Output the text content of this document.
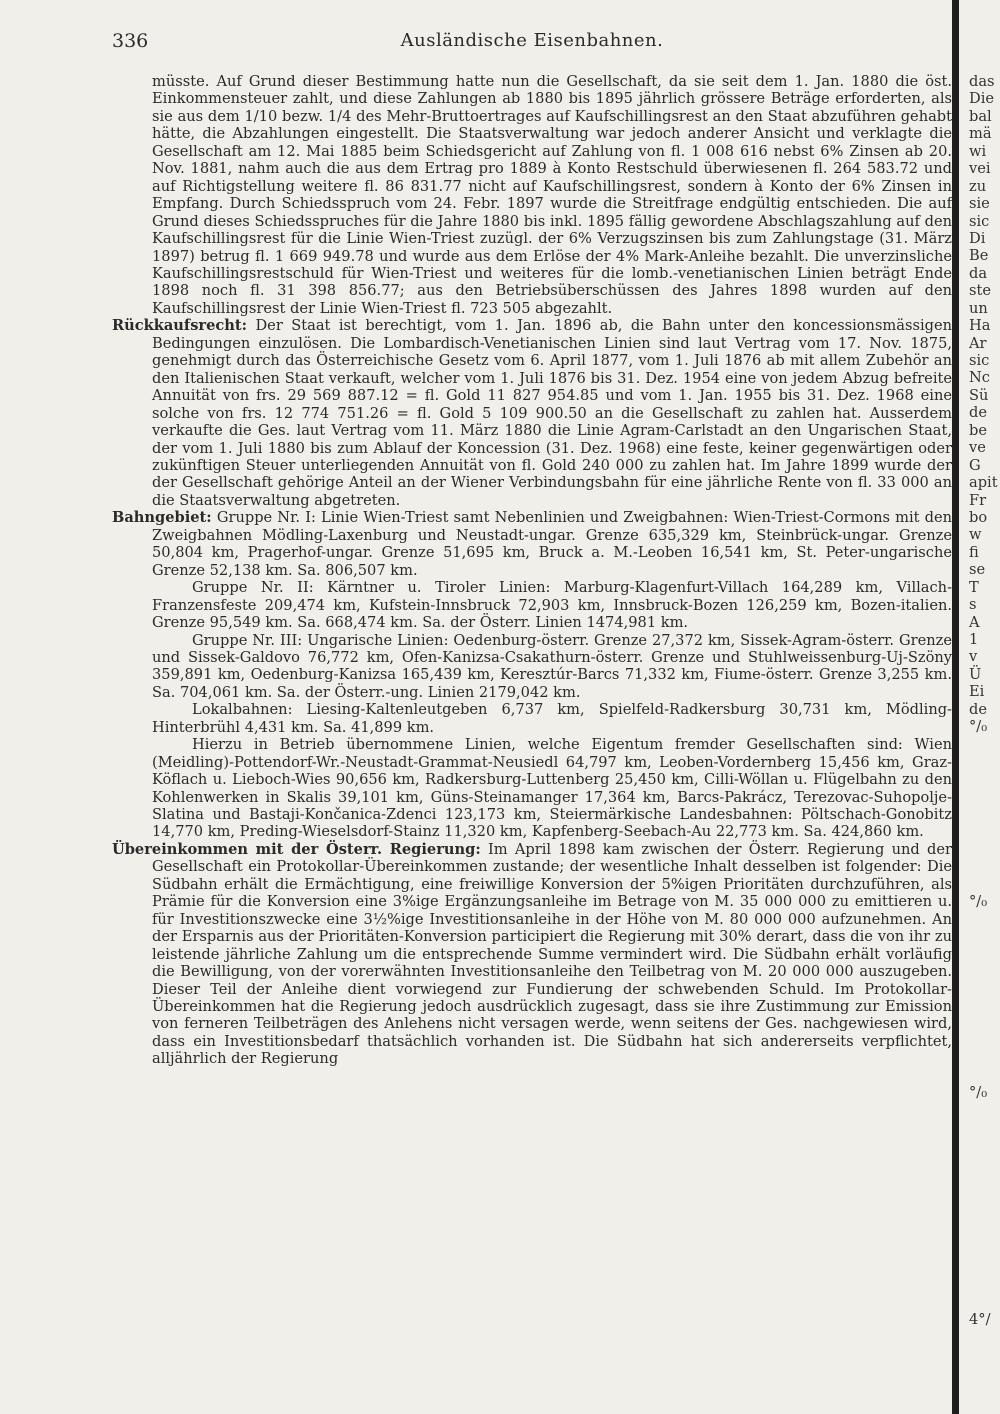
336	Ausländische Eisenbahnen.

müsste. Auf Grund dieser Bestimmung hatte nun die Gesellschaft, da sie seit dem 1. Jan. 1880 die öst. Einkommensteuer zahlt, und diese Zahlungen ab 1880 bis 1895 jährlich grössere Beträge erforderten, als sie aus dem 1/10 bezw. 1/4 des Mehr-Bruttoertrages auf Kaufschillingsrest an den Staat abzuführen gehabt hätte, die Abzahlungen eingestellt. Die Staatsverwaltung war jedoch anderer Ansicht und verklagte die Gesellschaft am 12. Mai 1885 beim Schiedsgericht auf Zahlung von fl. 1 008 616 nebst 6% Zinsen ab 20. Nov. 1881, nahm auch die aus dem Ertrag pro 1889 à Konto Restschuld überwiesenen fl. 264 583.72 und auf Richtigstellung weitere fl. 86 831.77 nicht auf Kaufschillingsrest, sondern à Konto der 6% Zinsen in Empfang. Durch Schiedsspruch vom 24. Febr. 1897 wurde die Streitfrage endgültig entschieden. Die auf Grund dieses Schiedsspruches für die Jahre 1880 bis inkl. 1895 fällig gewordene Abschlagszahlung auf den Kaufschillingsrest für die Linie Wien-Triest zuzügl. der 6% Verzugszinsen bis zum Zahlungstage (31. März 1897) betrug fl. 1 669 949.78 und wurde aus dem Erlöse der 4% Mark-Anleihe bezahlt. Die unverzinsliche Kaufschillingsrestschuld für Wien-Triest und weiteres für die lomb.-venetianischen Linien beträgt Ende 1898 noch fl. 31 398 856.77; aus den Betriebsüberschüssen des Jahres 1898 wurden auf den Kaufschillingsrest der Linie Wien-Triest fl. 723 505 abgezahlt.

Rückkaufsrecht: Der Staat ist berechtigt, vom 1. Jan. 1896 ab, die Bahn unter den koncessionsmässigen Bedingungen einzulösen. Die Lombardisch-Venetianischen Linien sind laut Vertrag vom 17. Nov. 1875, genehmigt durch das Österreichische Gesetz vom 6. April 1877, vom 1. Juli 1876 ab mit allem Zubehör an den Italienischen Staat verkauft, welcher vom 1. Juli 1876 bis 31. Dez. 1954 eine von jedem Abzug befreite Annuität von frs. 29 569 887.12 = fl. Gold 11 827 954.85 und vom 1. Jan. 1955 bis 31. Dez. 1968 eine solche von frs. 12 774 751.26 = fl. Gold 5 109 900.50 an die Gesellschaft zu zahlen hat. Ausserdem verkaufte die Ges. laut Vertrag vom 11. März 1880 die Linie Agram-Carlstadt an den Ungarischen Staat, der vom 1. Juli 1880 bis zum Ablauf der Koncession (31. Dez. 1968) eine feste, keiner gegenwärtigen oder zukünftigen Steuer unterliegenden Annuität von fl. Gold 240 000 zu zahlen hat. Im Jahre 1899 wurde der der Gesellschaft gehörige Anteil an der Wiener Verbindungsbahn für eine jährliche Rente von fl. 33 000 an die Staatsverwaltung abgetreten.

Bahngebiet: Gruppe Nr. I: Linie Wien-Triest samt Nebenlinien und Zweigbahnen: Wien-Triest-Cormons mit den Zweigbahnen Mödling-Laxenburg und Neustadt-ungar. Grenze 635,329 km, Steinbrück-ungar. Grenze 50,804 km, Pragerhof-ungar. Grenze 51,695 km, Bruck a. M.-Leoben 16,541 km, St. Peter-ungarische Grenze 52,138 km. Sa. 806,507 km.

Gruppe Nr. II: Kärntner u. Tiroler Linien: Marburg-Klagenfurt-Villach 164,289 km, Villach-Franzensfeste 209,474 km, Kufstein-Innsbruck 72,903 km, Innsbruck-Bozen 126,259 km, Bozen-italien. Grenze 95,549 km. Sa. 668,474 km. Sa. der Österr. Linien 1474,981 km.

Gruppe Nr. III: Ungarische Linien: Oedenburg-österr. Grenze 27,372 km, Sissek-Agram-österr. Grenze und Sissek-Galdovo 76,772 km, Ofen-Kanizsa-Csakathurn-österr. Grenze und Stuhlweissenburg-Uj-Szöny 359,891 km, Oedenburg-Kanizsa 165,439 km, Keresztúr-Barcs 71,332 km, Fiume-österr. Grenze 3,255 km. Sa. 704,061 km. Sa. der Österr.-ung. Linien 2179,042 km.

Lokalbahnen: Liesing-Kaltenleutgeben 6,737 km, Spielfeld-Radkersburg 30,731 km, Mödling-Hinterbrühl 4,431 km. Sa. 41,899 km.

Hierzu in Betrieb übernommene Linien, welche Eigentum fremder Gesellschaften sind: Wien (Meidling)-Pottendorf-Wr.-Neustadt-Grammat-Neusiedl 64,797 km, Leoben-Vordernberg 15,456 km, Graz-Köflach u. Lieboch-Wies 90,656 km, Radkersburg-Luttenberg 25,450 km, Cilli-Wöllan u. Flügelbahn zu den Kohlenwerken in Skalis 39,101 km, Güns-Steinamanger 17,364 km, Barcs-Pakrácz, Terezovac-Suhopolje-Slatina und Bastaji-Končanica-Zdenci 123,173 km, Steiermärkische Landesbahnen: Pöltschach-Gonobitz 14,770 km, Preding-Wieselsdorf-Stainz 11,320 km, Kapfenberg-Seebach-Au 22,773 km. Sa. 424,860 km.

Übereinkommen mit der Österr. Regierung: Im April 1898 kam zwischen der Österr. Regierung und der Gesellschaft ein Protokollar-Übereinkommen zustande; der wesentliche Inhalt desselben ist folgender: Die Südbahn erhält die Ermächtigung, eine freiwillige Konversion der 5%igen Prioritäten durchzuführen, als Prämie für die Konversion eine 3%ige Ergänzungsanleihe im Betrage von M. 35 000 000 zu emittieren u. für Investitionszwecke eine 3½%ige Investitionsanleihe in der Höhe von M. 80 000 000 aufzunehmen. An der Ersparnis aus der Prioritäten-Konversion participiert die Regierung mit 30% derart, dass die von ihr zu leistende jährliche Zahlung um die entsprechende Summe vermindert wird. Die Südbahn erhält vorläufig die Bewilligung, von der vorerwähnten Investitionsanleihe den Teilbetrag von M. 20 000 000 auszugeben. Dieser Teil der Anleihe dient vorwiegend zur Fundierung der schwebenden Schuld. Im Protokollar-Übereinkommen hat die Regierung jedoch ausdrücklich zugesagt, dass sie ihre Zustimmung zur Emission von ferneren Teilbeträgen des Anlehens nicht versagen werde, wenn seitens der Ges. nachgewiesen wird, dass ein Investitionsbedarf thatsächlich vorhanden ist. Die Südbahn hat sich andererseits verpflichtet, alljährlich der Regierung

das
Die
bal
mä
wi
vei
zu
sie
sic
Di
Be
da
ste
un
Ha
Ar
sic
Nc
Sü
de
be
ve
G
apit
Fr
bo
w
fi
se
T
s
A
1
v
Ü
Ei
de
°/₀
°/₀
°/₀
4°/
